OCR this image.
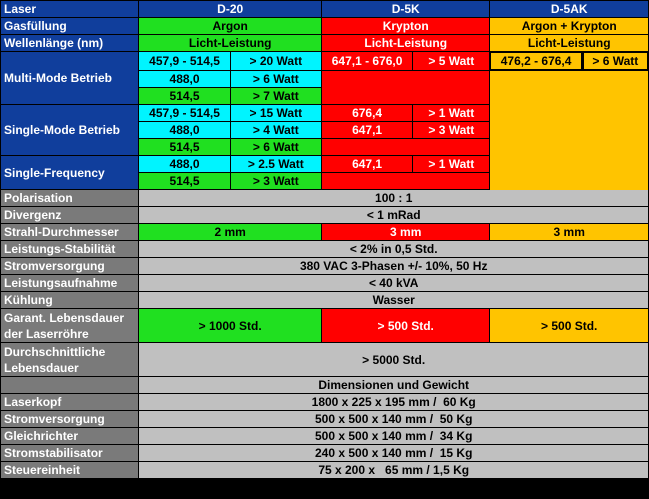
Laser	D-20		D-5K		D-5AK	
Gasfüllung	Argon		Krypton		Argon + Krypton	
Wellenlänge (nm)	Licht-Leistung		Licht-Leistung		Licht-Leistung	
Multi-Mode Betrieb	457,9 - 514,5	> 20 Watt	647,1 - 676,0	> 5 Watt	476,2 - 676,4	> 6 Watt
	488,0	> 6 Watt				
	514,5	> 7 Watt				
Single-Mode Betrieb	457,9 - 514,5	> 15 Watt	676,4	> 1 Watt		
	488,0	> 4 Watt	647,1	> 3 Watt		
	514,5	> 6 Watt				
Single-Frequency	488,0	> 2.5 Watt	647,1	> 1 Watt		
	514,5	> 3 Watt				
Polarisation	100 : 1					
Divergenz	< 1 mRad					
Strahl-Durchmesser	2 mm		3 mm		3 mm	
Leistungs-Stabilität	< 2% in 0,5 Std.					
Stromversorgung	380 VAC 3-Phasen +/- 10%, 50 Hz					
Leistungsaufnahme	< 40 kVA					
Kühlung	Wasser					
Garant. Lebensdauer der Laserröhre	> 1000 Std.		> 500 Std.		> 500 Std.	
Durchschnittliche Lebensdauer	> 5000 Std.					
	Dimensionen und Gewicht					
Laserkopf	1800 x 225 x 195 mm /  60 Kg					
Stromversorgung	500 x 500 x 140 mm /  50 Kg					
Gleichrichter	500 x 500 x 140 mm /  34 Kg					
Stromstabilisator	240 x 500 x 140 mm /  15 Kg					
Steuereinheit	75 x 200 x   65 mm / 1,5 Kg					
